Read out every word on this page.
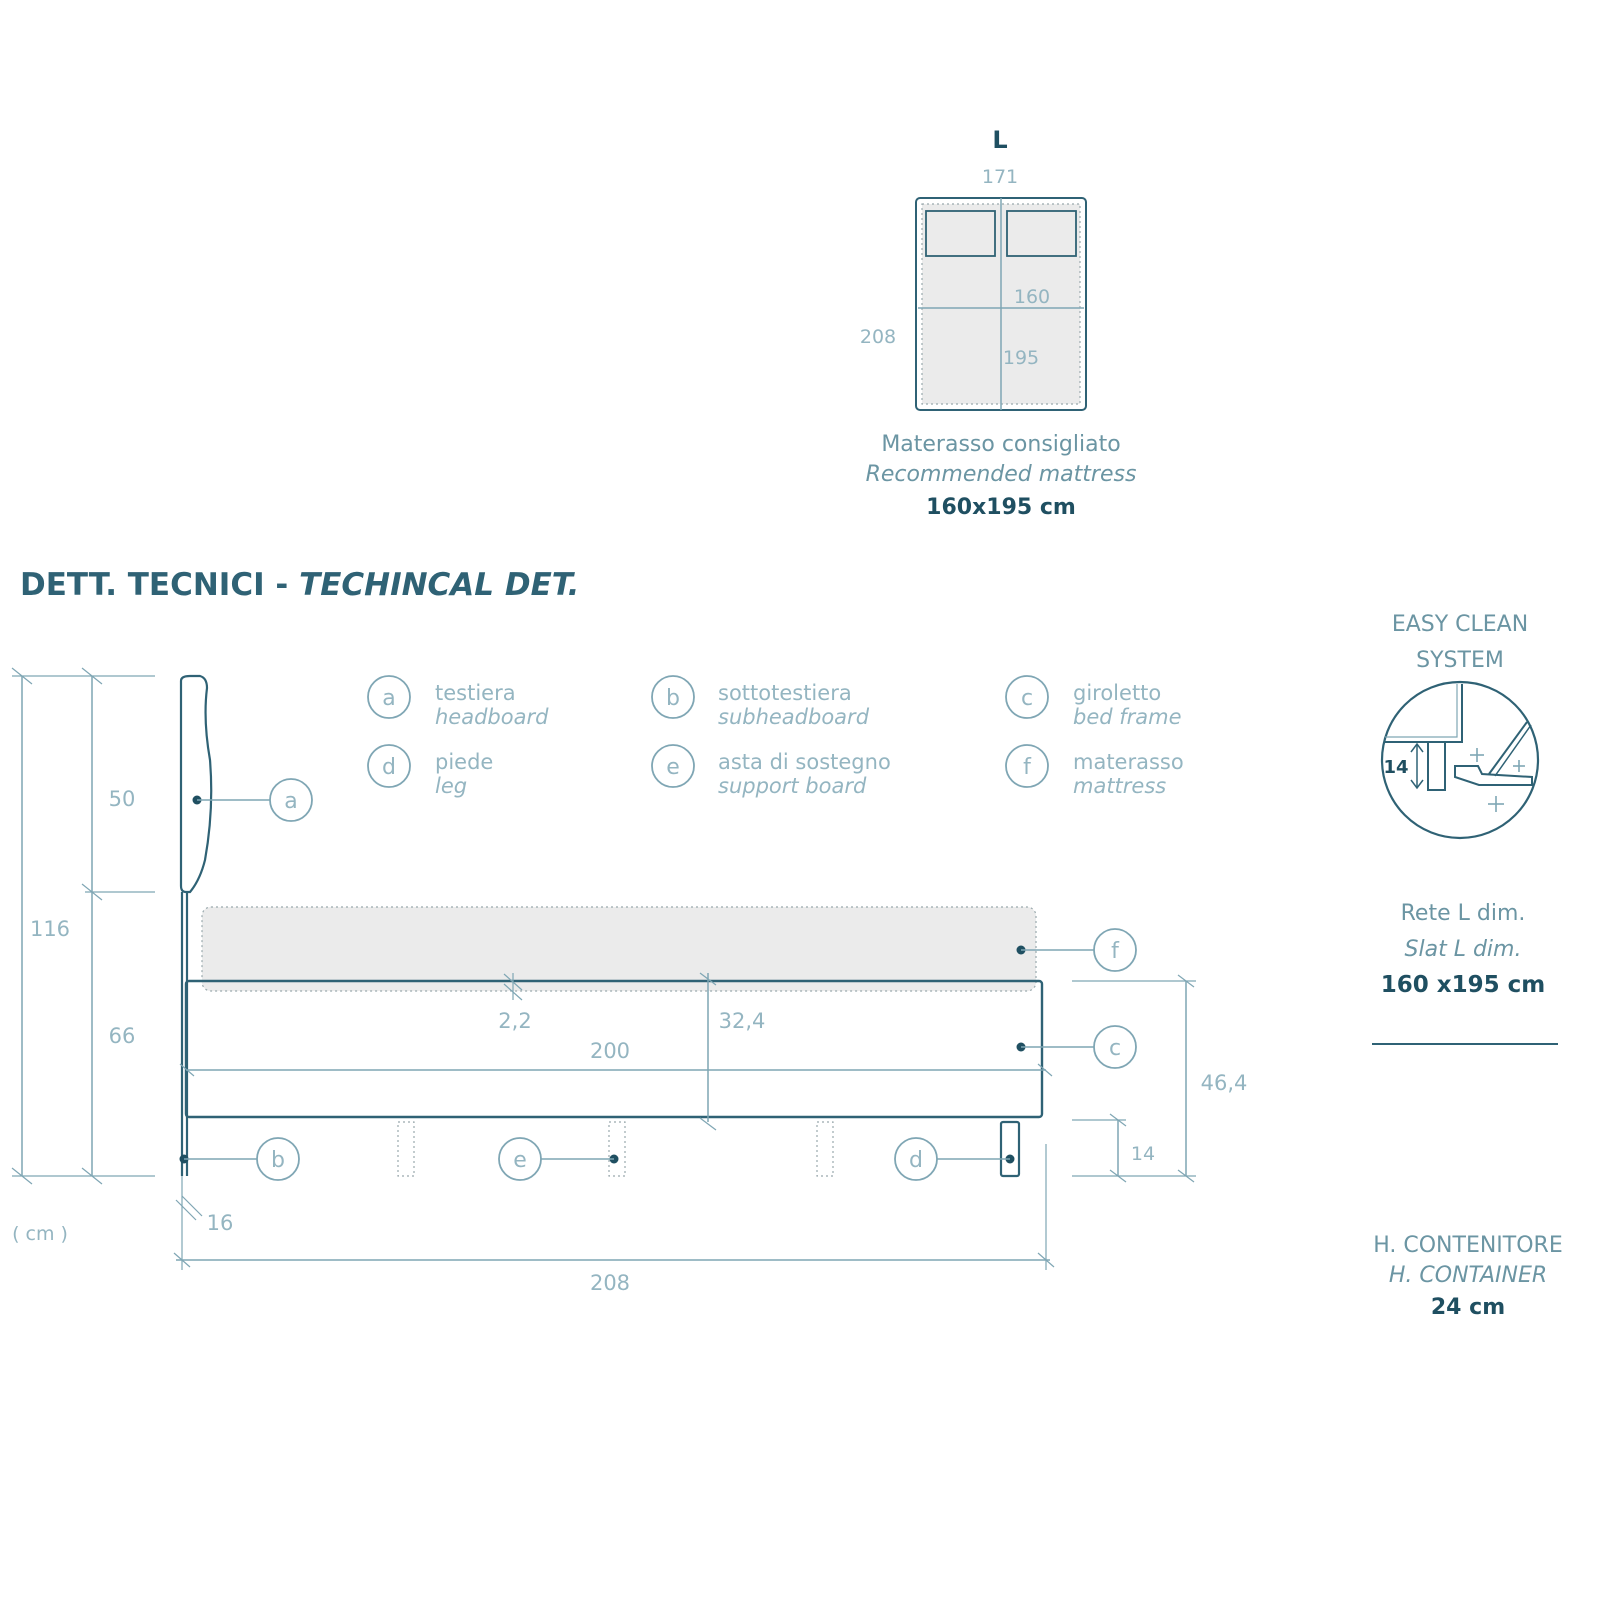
L
171
208
160
195
Materasso consigliato
Recommended mattress
160x195 cm
DETT. TECNICI - TECHINCAL DET.
a testiera
headboard
b sottotestiera
subheadboard
c giroletto
bed frame
d piede
leg
e asta di sostegno
support board
f materasso
mattress
116
50
66
2,2	32,4
200
a
f
c
b	e	d
16
208
46,4
14
( cm )
EASY CLEAN
SYSTEM
14
Rete L dim.
Slat L dim.
160 x195 cm
H. CONTENITORE
H. CONTAINER
24 cm
